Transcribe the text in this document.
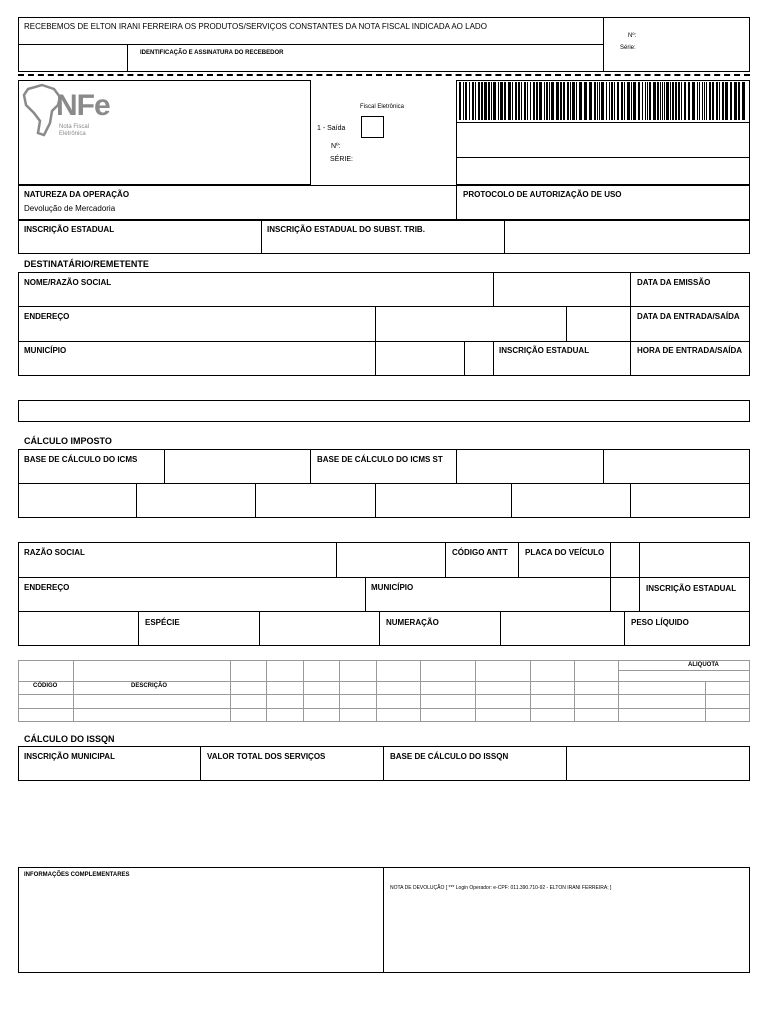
RECEBEMOS DE ELTON IRANI FERREIRA OS PRODUTOS/SERVIÇOS CONSTANTES DA NOTA FISCAL INDICADA AO LADO
IDENTIFICAÇÃO E ASSINATURA DO RECEBEDOR
Nº:
Série:
NFe
Nota Fiscal
Eletrônica
Fiscal Eletrônica
1 - Saída
Nº:
SÉRIE:
NATUREZA DA OPERAÇÃO
Devolução de Mercadoria
PROTOCOLO DE AUTORIZAÇÃO DE USO
INSCRIÇÃO ESTADUAL	INSCRIÇÃO ESTADUAL DO SUBST. TRIB.
DESTINATÁRIO/REMETENTE
NOME/RAZÃO SOCIAL	DATA DA EMISSÃO
ENDEREÇO	DATA DA ENTRADA/SAÍDA
MUNICÍPIO	INSCRIÇÃO ESTADUAL	HORA DE ENTRADA/SAÍDA
CÁLCULO IMPOSTO
BASE DE CÁLCULO DO ICMS	BASE DE CÁLCULO DO ICMS ST
RAZÃO SOCIAL	CÓDIGO ANTT PLACA DO VEÍCULO
ENDEREÇO	MUNICÍPIO	INSCRIÇÃO ESTADUAL
ESPÉCIE	NUMERAÇÃO	PESO LÍQUIDO
ALIQUOTA
CÓDIGO	DESCRIÇÃO
CÁLCULO DO ISSQN
INSCRIÇÃO MUNICIPAL	VALOR TOTAL DOS SERVIÇOS	BASE DE CÁLCULO DO ISSQN
INFORMAÇÕES COMPLEMENTARES
NOTA DE DEVOLUÇÃO [ *** Login Operador: e-CPF: 011.390.710-92 - ELTON IRANI FERREIRA; ]
